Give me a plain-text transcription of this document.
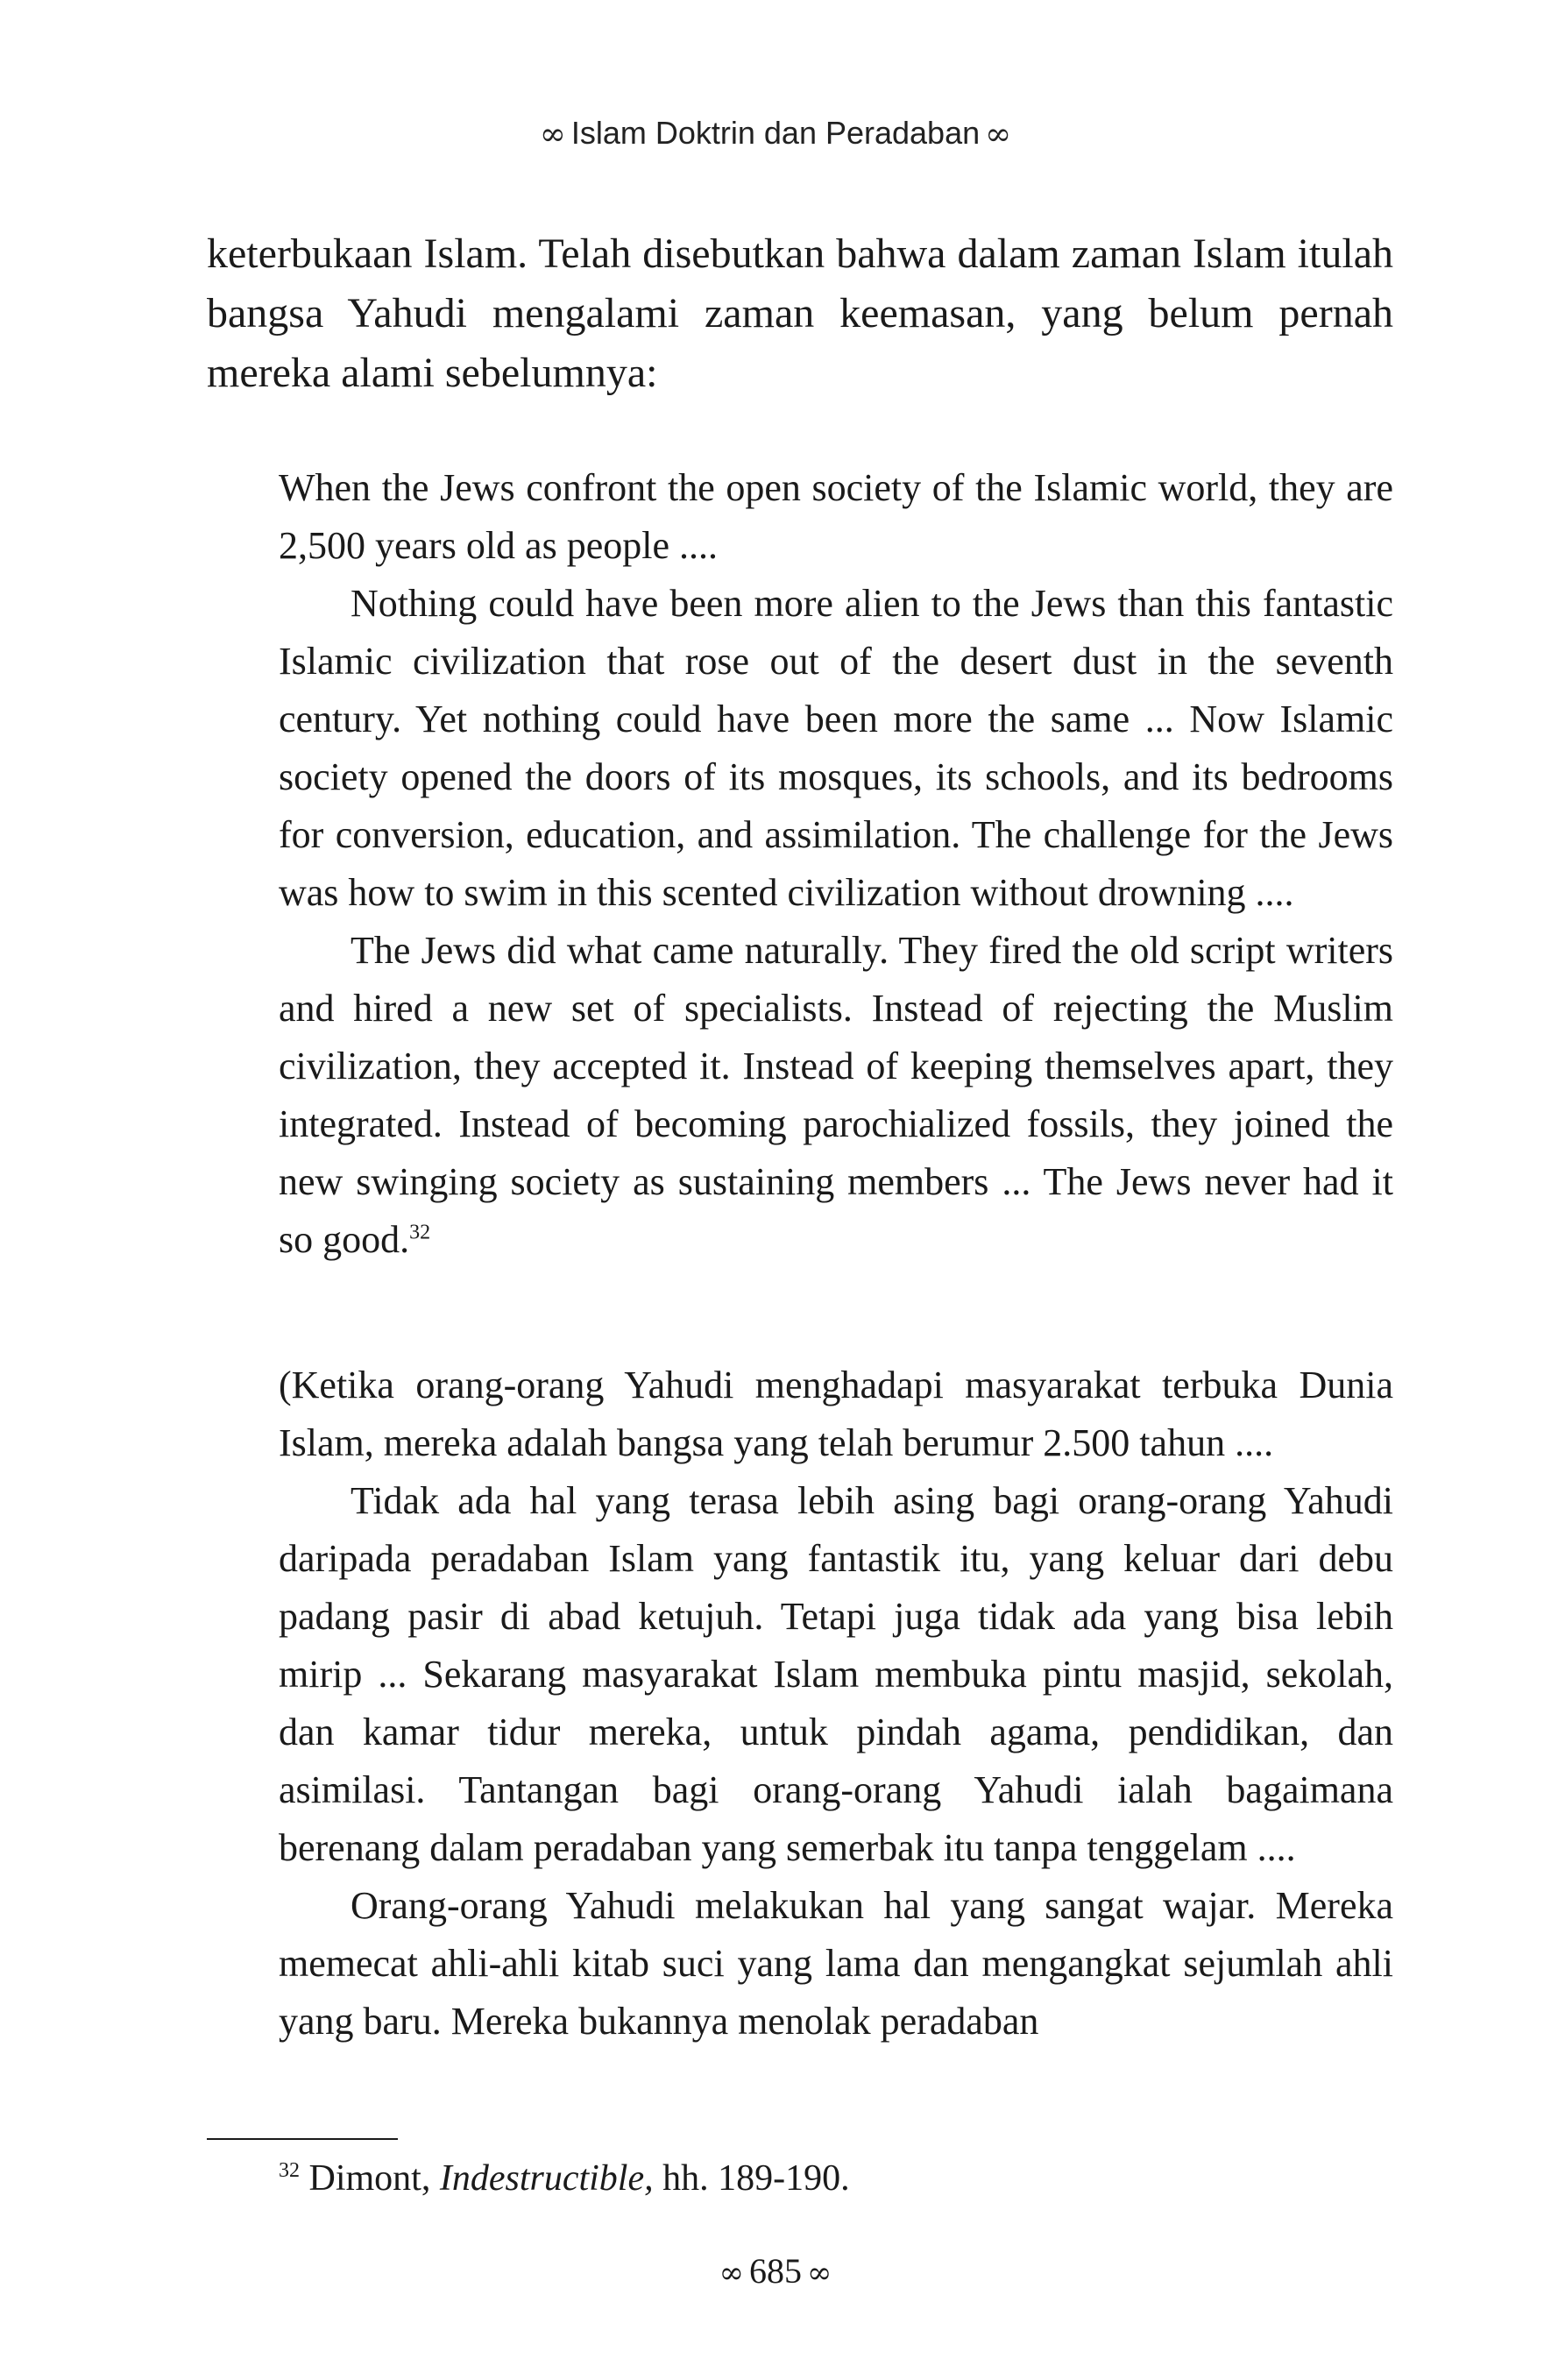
∞ Islam Doktrin dan Peradaban ∞

keterbukaan Islam. Telah disebutkan bahwa dalam zaman Islam itulah bangsa Yahudi mengalami zaman keemasan, yang belum pernah mereka alami sebelumnya:

When the Jews confront the open society of the Islamic world, they are 2,500 years old as people ....

Nothing could have been more alien to the Jews than this fantastic Islamic civilization that rose out of the desert dust in the seventh century. Yet nothing could have been more the same ... Now Islamic society opened the doors of its mosques, its schools, and its bedrooms for conversion, education, and assimilation. The challenge for the Jews was how to swim in this scented civilization without drowning ....

The Jews did what came naturally. They fired the old script writers and hired a new set of specialists. Instead of rejecting the Muslim civilization, they accepted it. Instead of keeping themselves apart, they integrated. Instead of becoming parochialized fossils, they joined the new swinging society as sustaining members ... The Jews never had it so good.$^{32}$

(Ketika orang-orang Yahudi menghadapi masyarakat terbuka Dunia Islam, mereka adalah bangsa yang telah berumur 2.500 tahun ....

Tidak ada hal yang terasa lebih asing bagi orang-orang Yahudi daripada peradaban Islam yang fantastik itu, yang keluar dari debu padang pasir di abad ketujuh. Tetapi juga tidak ada yang bisa lebih mirip ... Sekarang masyarakat Islam membuka pintu masjid, sekolah, dan kamar tidur mereka, untuk pindah agama, pendidikan, dan asimilasi. Tantangan bagi orang-orang Yahudi ialah bagaimana berenang dalam peradaban yang semerbak itu tanpa tenggelam ....

Orang-orang Yahudi melakukan hal yang sangat wajar. Mereka memecat ahli-ahli kitab suci yang lama dan mengangkat sejumlah ahli yang baru. Mereka bukannya menolak peradaban

$^{32}$ Dimont, Indestructible, hh. 189-190.

∞ 685 ∞
